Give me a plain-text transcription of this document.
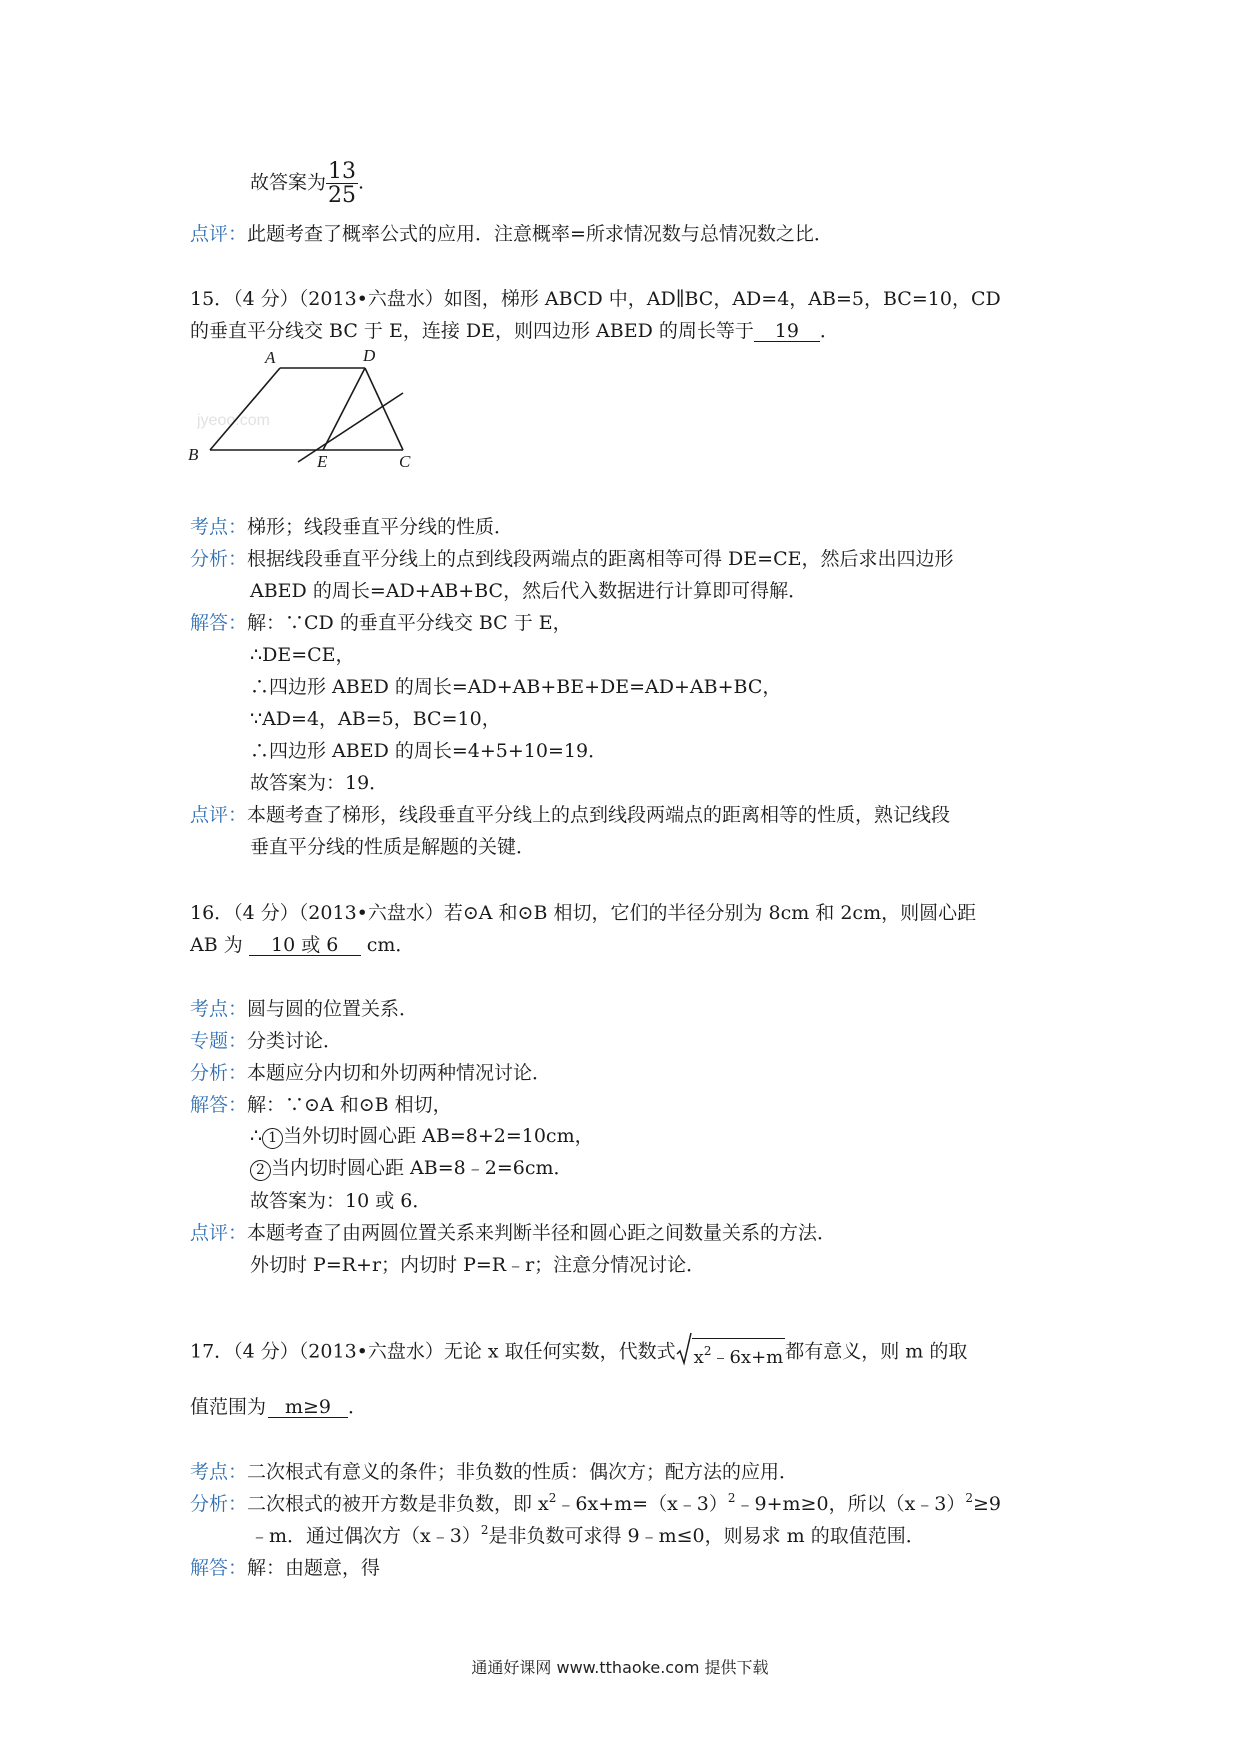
故答案为 $\frac{13}{25}$ .
点评：此题考查了概率公式的应用．注意概率=所求情况数与总情况数之比．
15．（4 分）（2013•六盘水）如图，梯形 ABCD 中，AD∥BC，AD=4，AB=5，BC=10，CD
的垂直平分线交 BC 于 E，连接 DE，则四边形 ABED 的周长等于 19 ．
jyeoo.com
A	D
B	E	C
考点：梯形；线段垂直平分线的性质．
分析：根据线段垂直平分线上的点到线段两端点的距离相等可得 DE=CE，然后求出四边形
ABED 的周长=AD+AB+BC，然后代入数据进行计算即可得解．
解答：解：∵CD 的垂直平分线交 BC 于 E，
∴DE=CE，
∴四边形 ABED 的周长=AD+AB+BE+DE=AD+AB+BC，
∵AD=4，AB=5，BC=10，
∴四边形 ABED 的周长=4+5+10=19．
故答案为：19．
点评：本题考查了梯形，线段垂直平分线上的点到线段两端点的距离相等的性质，熟记线段
垂直平分线的性质是解题的关键．
16．（4 分）（2013•六盘水）若⊙A 和⊙B 相切，它们的半径分别为 8cm 和 2cm，则圆心距
AB 为 10 或 6 cm．
考点：圆与圆的位置关系．
专题：分类讨论．
分析：本题应分内切和外切两种情况讨论．
解答：解：∵⊙A 和⊙B 相切，
∴ 1 当外切时圆心距 AB=8+2=10cm，
2 当内切时圆心距 AB=8﹣2=6cm．
故答案为：10 或 6．
点评：本题考查了由两圆位置关系来判断半径和圆心距之间数量关系的方法．
外切时 P=R+r；内切时 P=R﹣r；注意分情况讨论．
17．（4 分）（2013•六盘水）无论 x 取任何实数，代数式 $x^2﹣6x+m$ 都有意义，则 m 的取
值范围为 m≥9 ．
考点：二次根式有意义的条件；非负数的性质：偶次方；配方法的应用．
分析：二次根式的被开方数是非负数，即 $x^2﹣6x+m=(x﹣3)^2﹣9+m\ge 0$，所以（x﹣3）$^2$≥9
﹣m．通过偶次方（x﹣3）$^2$是非负数可求得 9﹣m≤0，则易求 m 的取值范围．
解答：解：由题意，得
通通好课网 www.tthaoke.com 提供下载
